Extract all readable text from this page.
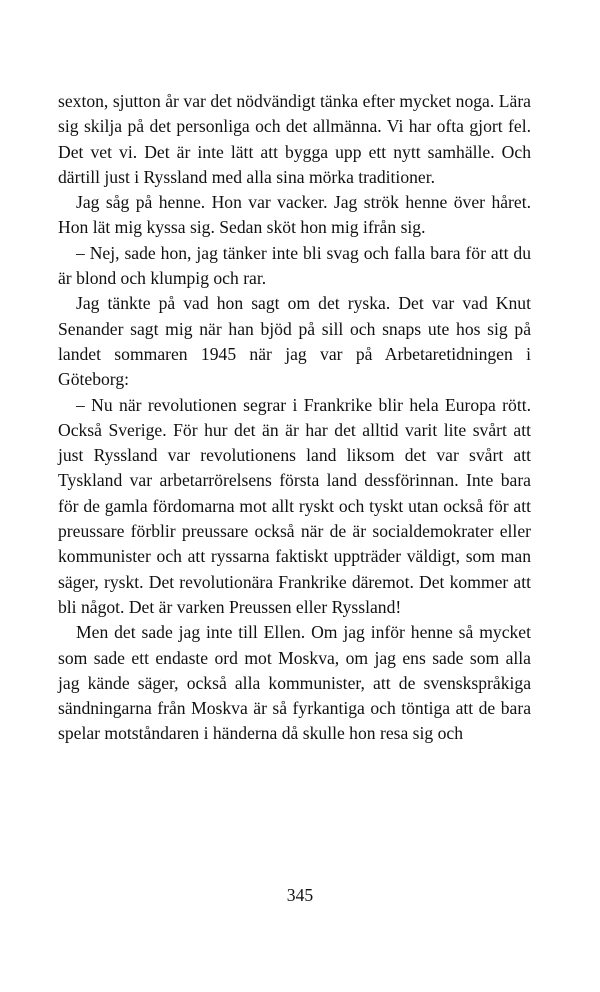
sexton, sjutton år var det nödvändigt tänka efter mycket noga. Lära sig skilja på det personliga och det allmänna. Vi har ofta gjort fel. Det vet vi. Det är inte lätt att bygga upp ett nytt samhälle. Och därtill just i Ryssland med alla sina mörka traditioner.

Jag såg på henne. Hon var vacker. Jag strök henne över håret. Hon lät mig kyssa sig. Sedan sköt hon mig ifrån sig.

– Nej, sade hon, jag tänker inte bli svag och falla bara för att du är blond och klumpig och rar.

Jag tänkte på vad hon sagt om det ryska. Det var vad Knut Senander sagt mig när han bjöd på sill och snaps ute hos sig på landet sommaren 1945 när jag var på Arbetaretidningen i Göteborg:

– Nu när revolutionen segrar i Frankrike blir hela Europa rött. Också Sverige. För hur det än är har det alltid varit lite svårt att just Ryssland var revolutionens land liksom det var svårt att Tyskland var arbetarrörelsens första land dessförinnan. Inte bara för de gamla fördomarna mot allt ryskt och tyskt utan också för att preussare förblir preussare också när de är socialdemokrater eller kommunister och att ryssarna faktiskt uppträder väldigt, som man säger, ryskt. Det revolutionära Frankrike däremot. Det kommer att bli något. Det är varken Preussen eller Ryssland!

Men det sade jag inte till Ellen. Om jag inför henne så mycket som sade ett endaste ord mot Moskva, om jag ens sade som alla jag kände säger, också alla kommunister, att de svenskspråkiga sändningarna från Moskva är så fyrkantiga och töntiga att de bara spelar motståndaren i händerna då skulle hon resa sig och

345
